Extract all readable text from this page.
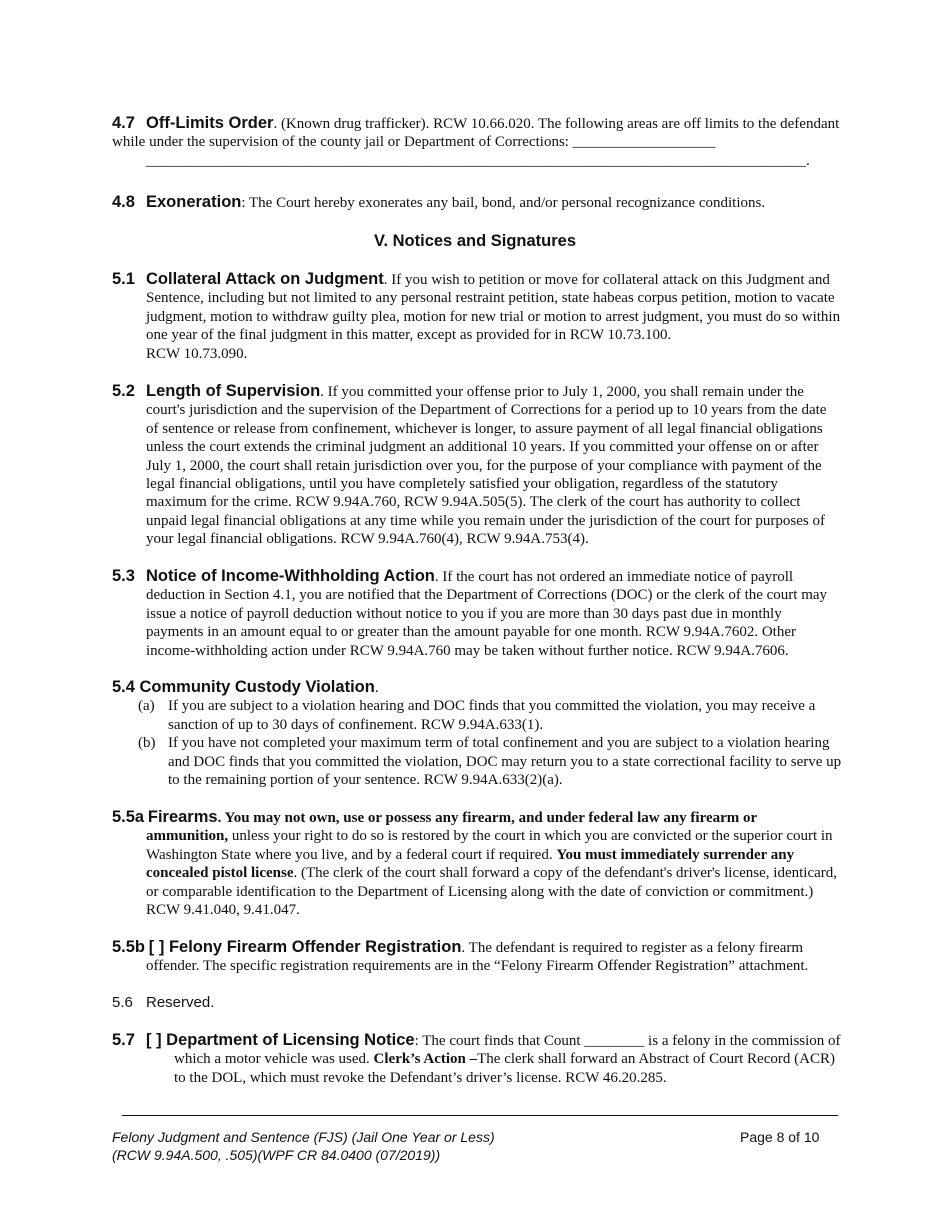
4.7 Off-Limits Order. (Known drug trafficker). RCW 10.66.020. The following areas are off limits to the defendant while under the supervision of the county jail or Department of Corrections: ___________________
________________________________________________________________________________________.
4.8 Exoneration: The Court hereby exonerates any bail, bond, and/or personal recognizance conditions.
V. Notices and Signatures
5.1 Collateral Attack on Judgment. If you wish to petition or move for collateral attack on this Judgment and Sentence, including but not limited to any personal restraint petition, state habeas corpus petition, motion to vacate judgment, motion to withdraw guilty plea, motion for new trial or motion to arrest judgment, you must do so within one year of the final judgment in this matter, except as provided for in RCW 10.73.100.
RCW 10.73.090.
5.2 Length of Supervision. If you committed your offense prior to July 1, 2000, you shall remain under the court's jurisdiction and the supervision of the Department of Corrections for a period up to 10 years from the date of sentence or release from confinement, whichever is longer, to assure payment of all legal financial obligations unless the court extends the criminal judgment an additional 10 years. If you committed your offense on or after July 1, 2000, the court shall retain jurisdiction over you, for the purpose of your compliance with payment of the legal financial obligations, until you have completely satisfied your obligation, regardless of the statutory maximum for the crime. RCW 9.94A.760, RCW 9.94A.505(5). The clerk of the court has authority to collect unpaid legal financial obligations at any time while you remain under the jurisdiction of the court for purposes of your legal financial obligations. RCW 9.94A.760(4), RCW 9.94A.753(4).
5.3 Notice of Income-Withholding Action. If the court has not ordered an immediate notice of payroll deduction in Section 4.1, you are notified that the Department of Corrections (DOC) or the clerk of the court may issue a notice of payroll deduction without notice to you if you are more than 30 days past due in monthly payments in an amount equal to or greater than the amount payable for one month. RCW 9.94A.7602. Other income-withholding action under RCW 9.94A.760 may be taken without further notice. RCW 9.94A.7606.
5.4 Community Custody Violation.
(a) If you are subject to a violation hearing and DOC finds that you committed the violation, you may receive a sanction of up to 30 days of confinement. RCW 9.94A.633(1).
(b) If you have not completed your maximum term of total confinement and you are subject to a violation hearing and DOC finds that you committed the violation, DOC may return you to a state correctional facility to serve up to the remaining portion of your sentence. RCW 9.94A.633(2)(a).
5.5a Firearms. You may not own, use or possess any firearm, and under federal law any firearm or ammunition, unless your right to do so is restored by the court in which you are convicted or the superior court in Washington State where you live, and by a federal court if required. You must immediately surrender any concealed pistol license. (The clerk of the court shall forward a copy of the defendant's driver's license, identicard, or comparable identification to the Department of Licensing along with the date of conviction or commitment.) RCW 9.41.040, 9.41.047.
5.5b [ ] Felony Firearm Offender Registration. The defendant is required to register as a felony firearm offender. The specific registration requirements are in the “Felony Firearm Offender Registration” attachment.
5.6 Reserved.
5.7 [ ] Department of Licensing Notice: The court finds that Count ________ is a felony in the commission of which a motor vehicle was used. Clerk’s Action –The clerk shall forward an Abstract of Court Record (ACR) to the DOL, which must revoke the Defendant’s driver’s license. RCW 46.20.285.
Felony Judgment and Sentence (FJS) (Jail One Year or Less)
(RCW 9.94A.500, .505)(WPF CR 84.0400 (07/2019))
Page 8 of 10
